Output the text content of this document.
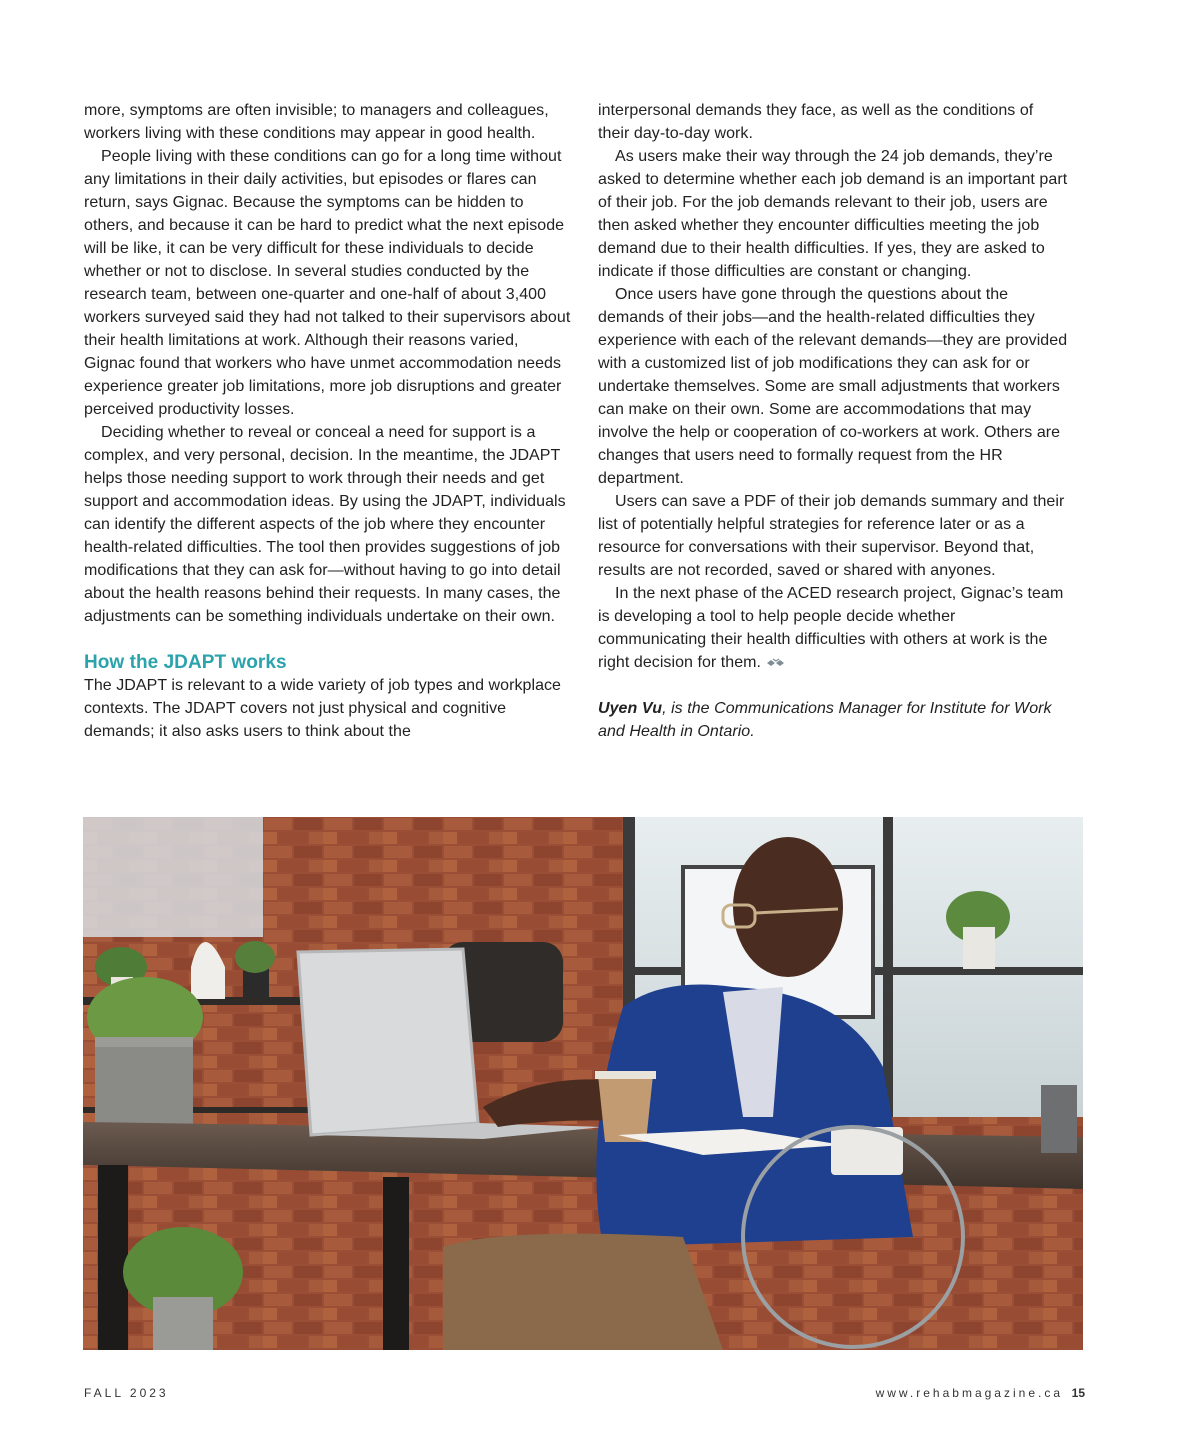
more, symptoms are often invisible; to managers and colleagues, workers living with these conditions may appear in good health.

People living with these conditions can go for a long time without any limitations in their daily activities, but episodes or flares can return, says Gignac. Because the symptoms can be hidden to others, and because it can be hard to predict what the next episode will be like, it can be very difficult for these individuals to decide whether or not to disclose. In several studies conducted by the research team, between one-quarter and one-half of about 3,400 workers surveyed said they had not talked to their supervisors about their health limitations at work. Although their reasons varied, Gignac found that workers who have unmet accommodation needs experience greater job limitations, more job disruptions and greater perceived productivity losses.

Deciding whether to reveal or conceal a need for support is a complex, and very personal, decision. In the meantime, the JDAPT helps those needing support to work through their needs and get support and accommodation ideas. By using the JDAPT, individuals can identify the different aspects of the job where they encounter health-related difficulties. The tool then provides suggestions of job modifications that they can ask for—without having to go into detail about the health reasons behind their requests. In many cases, the adjustments can be something individuals undertake on their own.

How the JDAPT works

The JDAPT is relevant to a wide variety of job types and workplace contexts. The JDAPT covers not just physical and cognitive demands; it also asks users to think about the

interpersonal demands they face, as well as the conditions of their day-to-day work.

As users make their way through the 24 job demands, they’re asked to determine whether each job demand is an important part of their job. For the job demands relevant to their job, users are then asked whether they encounter difficulties meeting the job demand due to their health difficulties. If yes, they are asked to indicate if those difficulties are constant or changing.

Once users have gone through the questions about the demands of their jobs—and the health-related difficulties they experience with each of the relevant demands—they are provided with a customized list of job modifications they can ask for or undertake themselves. Some are small adjustments that workers can make on their own. Some are accommodations that may involve the help or cooperation of co-workers at work. Others are changes that users need to formally request from the HR department.

Users can save a PDF of their job demands summary and their list of potentially helpful strategies for reference later or as a resource for conversations with their supervisor. Beyond that, results are not recorded, saved or shared with anyones.

In the next phase of the ACED research project, Gignac’s team is developing a tool to help people decide whether communicating their health difficulties with others at work is the right decision for them.

Uyen Vu, is the Communications Manager for Institute for Work and Health in Ontario.

FALL 2023	www.rehabmagazine.ca 15
